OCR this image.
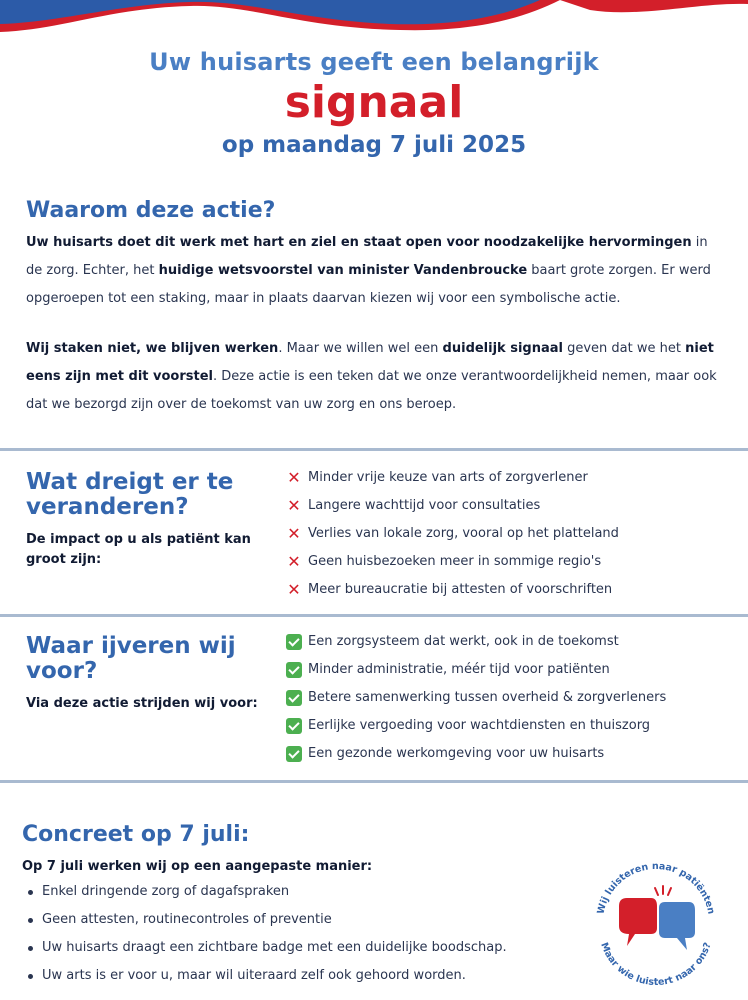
Uw huisarts geeft een belangrijk
signaal
op maandag 7 juli 2025
Waarom deze actie?

Uw huisarts doet dit werk met hart en ziel en staat open voor noodzakelijke hervormingen in de zorg. Echter, het huidige wetsvoorstel van minister Vandenbroucke baart grote zorgen. Er werd opgeroepen tot een staking, maar in plaats daarvan kiezen wij voor een symbolische actie.

Wij staken niet, we blijven werken. Maar we willen wel een duidelijk signaal geven dat we het niet eens zijn met dit voorstel. Deze actie is een teken dat we onze verantwoordelijkheid nemen, maar ook dat we bezorgd zijn over de toekomst van uw zorg en ons beroep.

Wat dreigt er te veranderen?
De impact op u als patiënt kan groot zijn:
✕ Minder vrije keuze van arts of zorgverlener
✕ Langere wachttijd voor consultaties
✕ Verlies van lokale zorg, vooral op het platteland
✕ Geen huisbezoeken meer in sommige regio's
✕ Meer bureaucratie bij attesten of voorschriften
Waar ijveren wij voor?
Via deze actie strijden wij voor:
Een zorgsysteem dat werkt, ook in de toekomst
Minder administratie, méér tijd voor patiënten
Betere samenwerking tussen overheid & zorgverleners
Eerlijke vergoeding voor wachtdiensten en thuiszorg
Een gezonde werkomgeving voor uw huisarts
Concreet op 7 juli:
Op 7 juli werken wij op een aangepaste manier:
Enkel dringende zorg of dagafspraken
Geen attesten, routinecontroles of preventie
Uw huisarts draagt een zichtbare badge met een duidelijke boodschap.
Uw arts is er voor u, maar wil uiteraard zelf ook gehoord worden.
Wij luisteren naar patiënten
Maar wie luistert naar ons?
